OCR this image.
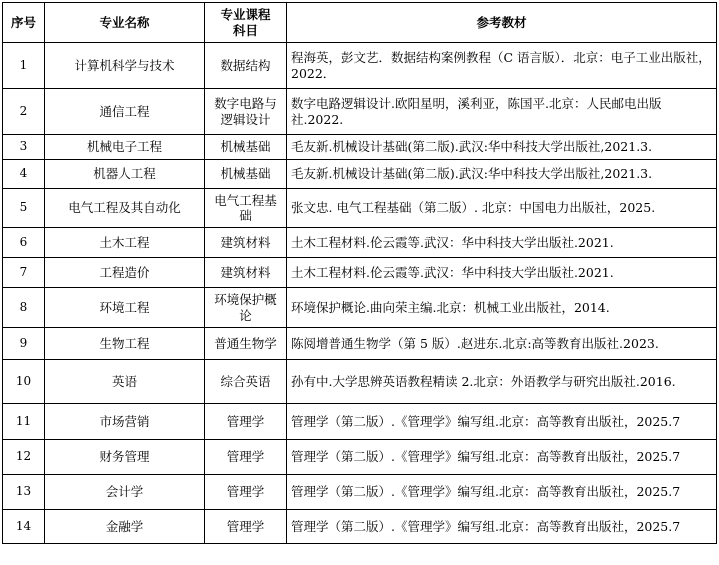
序号	专业名称	专业课程科目	参考教材
1	计算机科学与技术	数据结构	程海英，彭文艺．数据结构案例教程（C 语言版）．北京：电子工业出版社，2022．
2	通信工程	数字电路与逻辑设计	数字电路逻辑设计.欧阳星明，溪利亚，陈国平.北京：人民邮电出版社.2022.
3	机械电子工程	机械基础	毛友新.机械设计基础(第二版).武汉:华中科技大学出版社,2021.3.
4	机器人工程	机械基础	毛友新.机械设计基础(第二版).武汉:华中科技大学出版社,2021.3.
5	电气工程及其自动化	电气工程基础	张文忠. 电气工程基础（第二版）. 北京：中国电力出版社，2025.
6	土木工程	建筑材料	土木工程材料.伦云霞等.武汉：华中科技大学出版社.2021.
7	工程造价	建筑材料	土木工程材料.伦云霞等.武汉：华中科技大学出版社.2021.
8	环境工程	环境保护概论	环境保护概论.曲向荣主编.北京：机械工业出版社，2014.
9	生物工程	普通生物学	陈阅增普通生物学（第 5 版）.赵进东.北京:高等教育出版社.2023.
10	英语	综合英语	孙有中.大学思辨英语教程精读 2.北京：外语教学与研究出版社.2016.
11	市场营销	管理学	管理学（第二版）.《管理学》编写组.北京：高等教育出版社，2025.7
12	财务管理	管理学	管理学（第二版）.《管理学》编写组.北京：高等教育出版社，2025.7
13	会计学	管理学	管理学（第二版）.《管理学》编写组.北京：高等教育出版社，2025.7
14	金融学	管理学	管理学（第二版）.《管理学》编写组.北京：高等教育出版社，2025.7
